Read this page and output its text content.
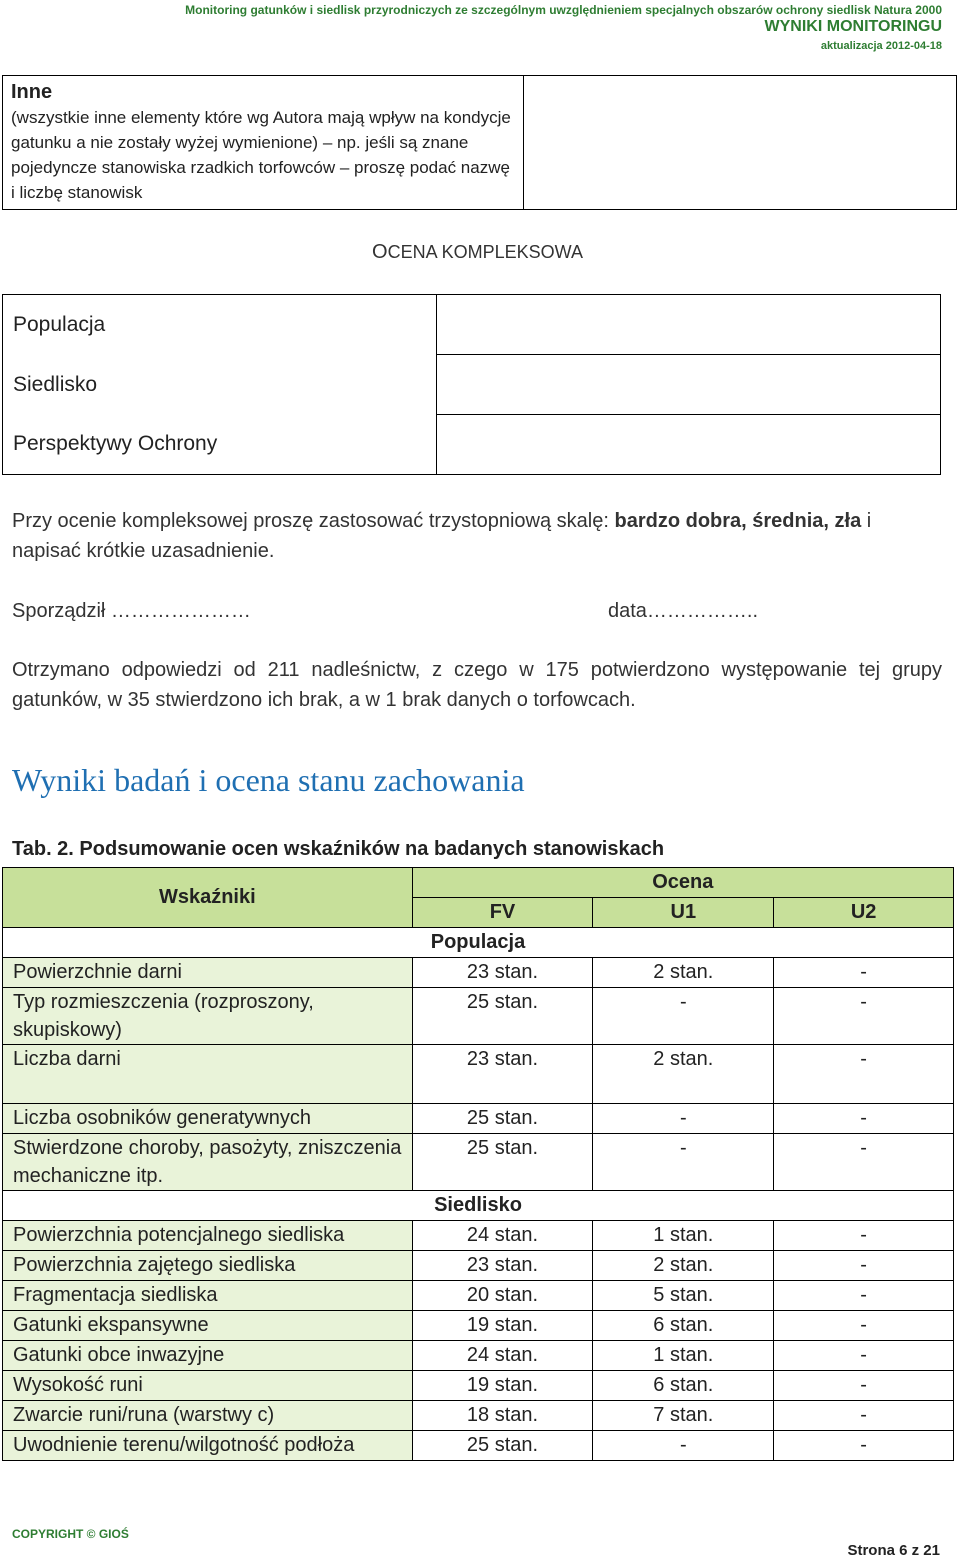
Monitoring gatunków i siedlisk przyrodniczych ze szczególnym uwzględnieniem specjalnych obszarów ochrony siedlisk Natura 2000
WYNIKI MONITORINGU
aktualizacja 2012-04-18
Inne
(wszystkie inne elementy które wg Autora mają wpływ na kondycje gatunku a nie zostały wyżej wymienione) – np. jeśli są znane pojedyncze stanowiska rzadkich torfowców – proszę podać nazwę i liczbę stanowisk	
OCENA KOMPLEKSOWA
Populacja	
Siedlisko	
Perspektywy Ochrony	
Przy ocenie kompleksowej proszę zastosować trzystopniową skalę: bardzo dobra, średnia, zła i napisać krótkie uzasadnienie.
Sporządził …………………	data……………..
Otrzymano odpowiedzi od 211 nadleśnictw, z czego w 175 potwierdzono występowanie tej grupy gatunków, w 35 stwierdzono ich brak, a w 1 brak danych o torfowcach.
Wyniki badań i ocena stanu zachowania
Tab. 2. Podsumowanie ocen wskaźników na badanych stanowiskach
Wskaźniki	Ocena		
	FV	U1	U2
Populacja			
Powierzchnie darni	23 stan.	2 stan.	-
Typ rozmieszczenia (rozproszony, skupiskowy)	25 stan.	-	-
Liczba darni	23 stan.	2 stan.	-
Liczba osobników generatywnych	25 stan.	-	-
Stwierdzone choroby, pasożyty, zniszczenia mechaniczne itp.	25 stan.	-	-
Siedlisko			
Powierzchnia potencjalnego siedliska	24 stan.	1 stan.	-
Powierzchnia zajętego siedliska	23 stan.	2 stan.	-
Fragmentacja siedliska	20 stan.	5 stan.	-
Gatunki ekspansywne	19 stan.	6 stan.	-
Gatunki obce inwazyjne	24 stan.	1 stan.	-
Wysokość runi	19 stan.	6 stan.	-
Zwarcie runi/runa (warstwy c)	18 stan.	7 stan.	-
Uwodnienie terenu/wilgotność podłoża	25 stan.	-	-
COPYRIGHT © GIOŚ
Strona 6 z 21
